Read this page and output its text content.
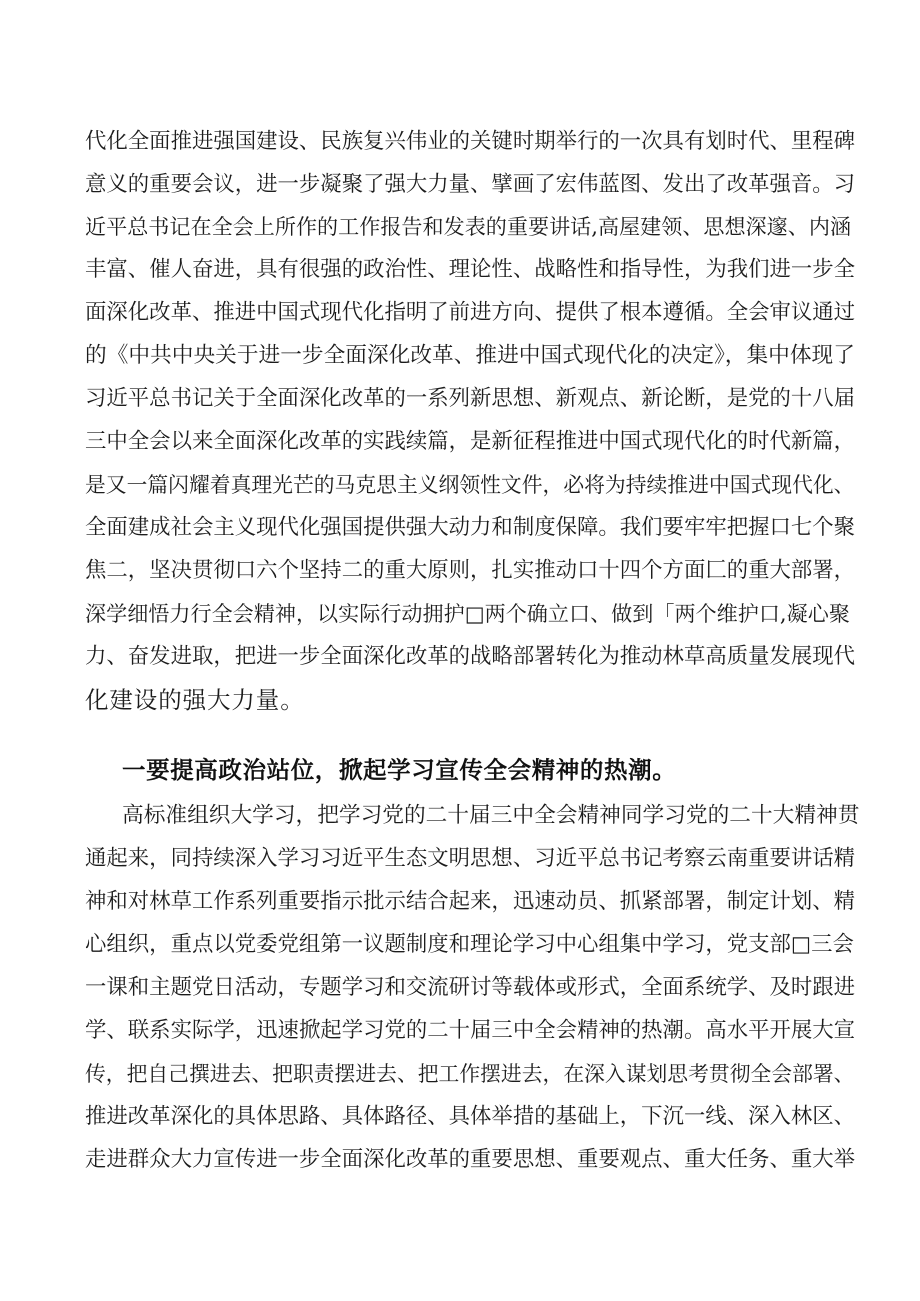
代化全面推进强国建设、民族复兴伟业的关键时期举行的一次具有划时代、里程碑
意义的重要会议，进一步凝聚了强大力量、擘画了宏伟蓝图、发出了改革强音。习
近平总书记在全会上所作的工作报告和发表的重要讲话,高屋建领、思想深邃、内涵
丰富、催人奋进，具有很强的政治性、理论性、战略性和指导性，为我们进一步全
面深化改革、推进中国式现代化指明了前进方向、提供了根本遵循。全会审议通过
的《中共中央关于进一步全面深化改革、推进中国式现代化的决定》，集中体现了
习近平总书记关于全面深化改革的一系列新思想、新观点、新论断，是党的十八届
三中全会以来全面深化改革的实践续篇，是新征程推进中国式现代化的时代新篇，
是又一篇闪耀着真理光芒的马克思主义纲领性文件，必将为持续推进中国式现代化、
全面建成社会主义现代化强国提供强大动力和制度保障。我们要牢牢把握口七个聚
焦二，坚决贯彻口六个坚持二的重大原则，扎实推动口十四个方面匚的重大部署，
深学细悟力行全会精神，以实际行动拥护□两个确立口、做到「两个维护口,凝心聚
力、奋发进取，把进一步全面深化改革的战略部署转化为推动林草高质量发展现代
化建设的强大力量。
一要提高政治站位，掀起学习宣传全会精神的热潮。
高标准组织大学习，把学习党的二十届三中全会精神同学习党的二十大精神贯
通起来，同持续深入学习习近平生态文明思想、习近平总书记考察云南重要讲话精
神和对林草工作系列重要指示批示结合起来，迅速动员、抓紧部署，制定计划、精
心组织，重点以党委党组第一议题制度和理论学习中心组集中学习，党支部□三会
一课和主题党日活动，专题学习和交流研讨等载体或形式，全面系统学、及时跟进
学、联系实际学，迅速掀起学习党的二十届三中全会精神的热潮。高水平开展大宣
传，把自己撰进去、把职责摆进去、把工作摆进去，在深入谋划思考贯彻全会部署、
推进改革深化的具体思路、具体路径、具体举措的基础上，下沉一线、深入林区、
走进群众大力宣传进一步全面深化改革的重要思想、重要观点、重大任务、重大举
